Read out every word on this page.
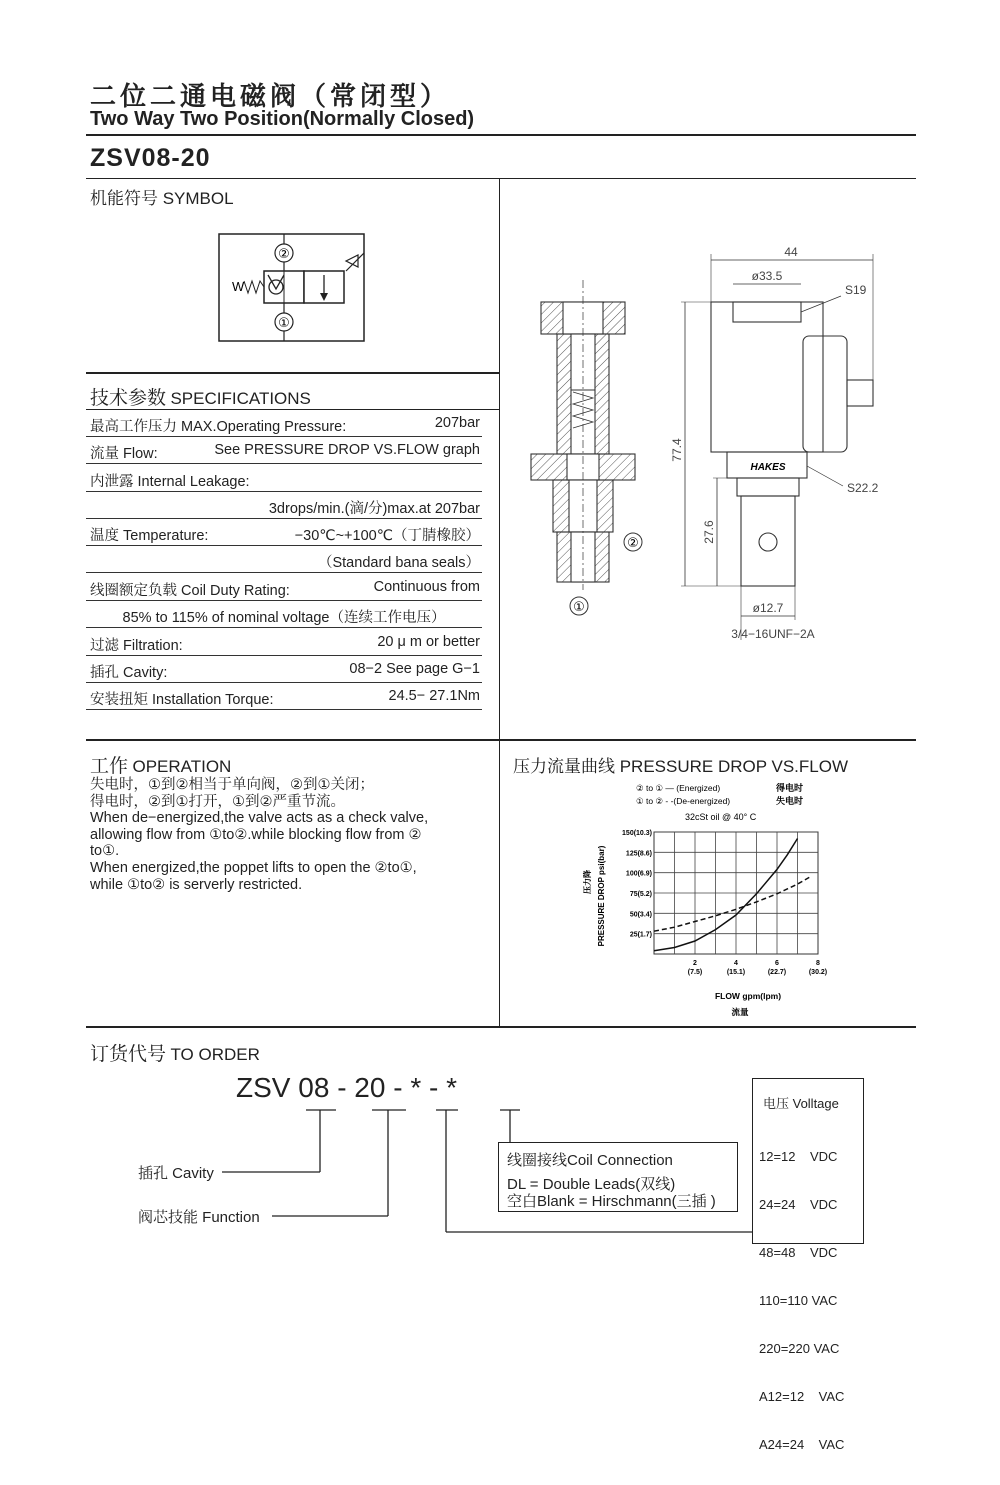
二位二通电磁阀（常闭型）
Two Way Two Position(Normally Closed)
ZSV08-20
机能符号 SYMBOL
②
①
W
技术参数 SPECIFICATIONS
最高工作压力 MAX.Operating Pressure:	207bar
流量 Flow:	See PRESSURE DROP VS.FLOW graph
内泄露 Internal Leakage:
3drops/min.(滴/分)max.at 207bar
温度 Temperature:	−30℃~+100℃（丁腈橡胶）
（Standard bana seals）
线圈额定负载 Coil Duty Rating:	Continuous from
85% to 115% of nominal voltage（连续工作电压）
过滤 Filtration:	20 μ m or better
插孔 Cavity:	08−2 See page G−1
安装扭矩 Installation Torque:	24.5− 27.1Nm
②
①
44
ø33.5
S19
77.4
27.6
HAKES
S22.2
ø12.7
3/4−16UNF−2A
工作 OPERATION

失电时，①到②相当于单向阀，②到①关闭；

得电时，②到①打开，①到②严重节流。

When de−energized,the valve acts as a check valve,

allowing flow from ①to②.while blocking flow from ②

to①.

When energized,the poppet lifts to open the ②to①,

while ①to② is serverly restricted.

压力流量曲线 PRESSURE DROP VS.FLOW
② to ① — (Energized)	得电时
① to ② - -(De-energized)	失电时
32cSt oil @ 40° C
25(1.7)
50(3.4)
75(5.2)
100(6.9)
125(8.6)
150(10.3)
2
(7.5)
4
(15.1)
6
(22.7)
8
(30.2)
压力降 PRESSURE DROP psi(bar)
FLOW gpm(lpm)
流量
订货代号 TO ORDER
ZSV 08 - 20 - * - *
插孔 Cavity
阀芯技能 Function
线圈接线Coil Connection
DL = Double Leads(双线)
空白Blank = Hirschmann(三插 )
电压 Volltage

12=12    VDC

24=24    VDC

48=48    VDC

110=110 VAC

220=220 VAC

A12=12    VAC

A24=24    VAC
